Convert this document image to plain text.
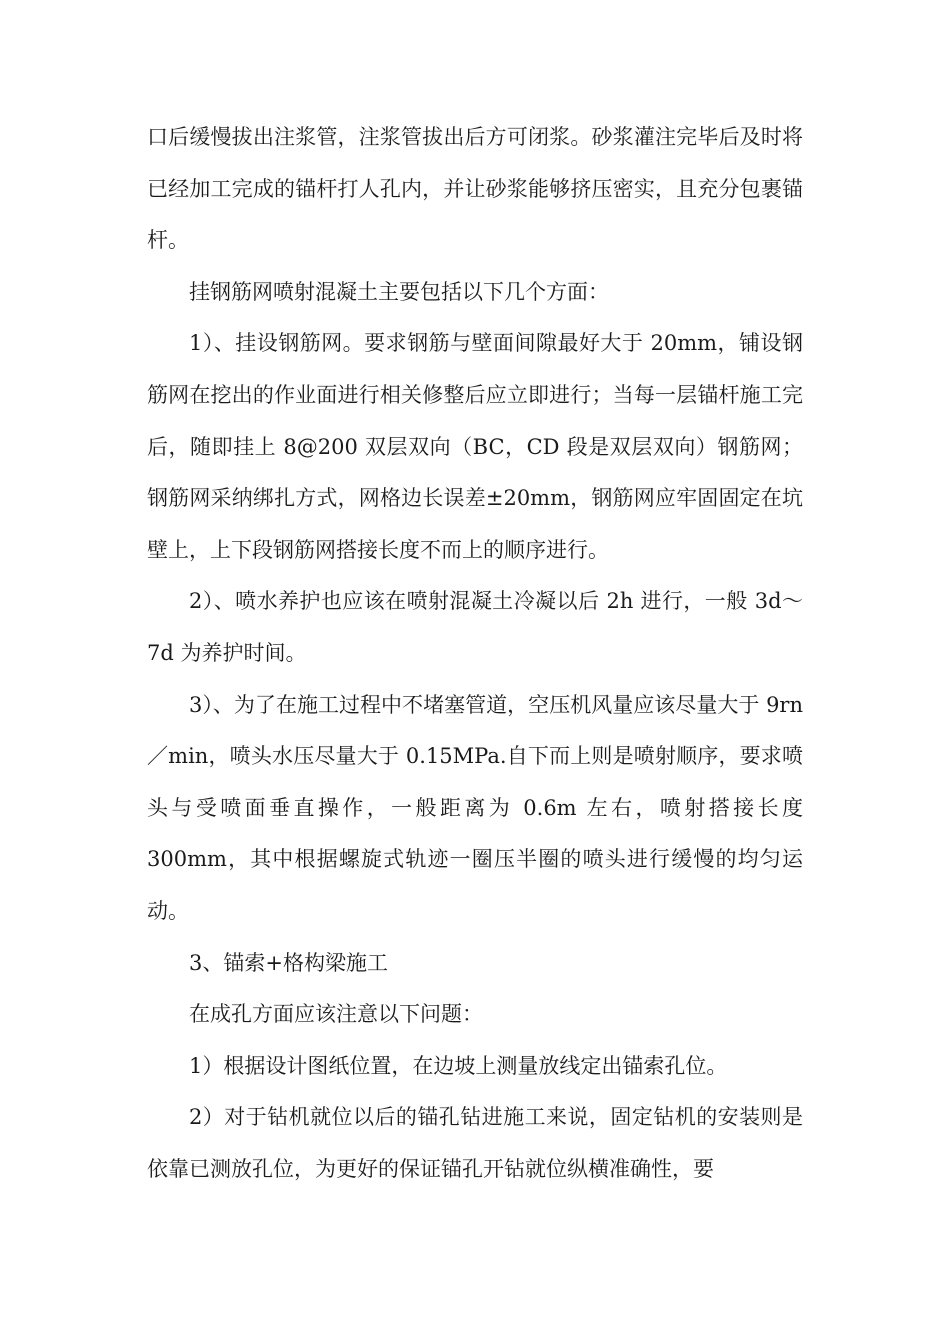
口后缓慢拔出注浆管，注浆管拔出后方可闭浆。砂浆灌注完毕后及时将已经加工完成的锚杆打人孔内，并让砂浆能够挤压密实，且充分包裹锚杆。

挂钢筋网喷射混凝土主要包括以下几个方面：

1）、挂设钢筋网。要求钢筋与壁面间隙最好大于 20mm，铺设钢筋网在挖出的作业面进行相关修整后应立即进行；当每一层锚杆施工完后，随即挂上 8@200 双层双向（BC，CD 段是双层双向）钢筋网；钢筋网采纳绑扎方式，网格边长误差±20mm，钢筋网应牢固固定在坑壁上，上下段钢筋网搭接长度不而上的顺序进行。

2）、喷水养护也应该在喷射混凝土冷凝以后 2h 进行，一般 3d～7d 为养护时间。

3）、为了在施工过程中不堵塞管道，空压机风量应该尽量大于 9rn／min，喷头水压尽量大于 0.15MPa.自下而上则是喷射顺序，要求喷头与受喷面垂直操作，一般距离为 0.6m 左右，喷射搭接长度 300mm，其中根据螺旋式轨迹一圈压半圈的喷头进行缓慢的均匀运动。

3、锚索+格构梁施工

在成孔方面应该注意以下问题：

1）根据设计图纸位置，在边坡上测量放线定出锚索孔位。

2）对于钻机就位以后的锚孔钻进施工来说，固定钻机的安装则是依靠已测放孔位，为更好的保证锚孔开钻就位纵横准确性，要
